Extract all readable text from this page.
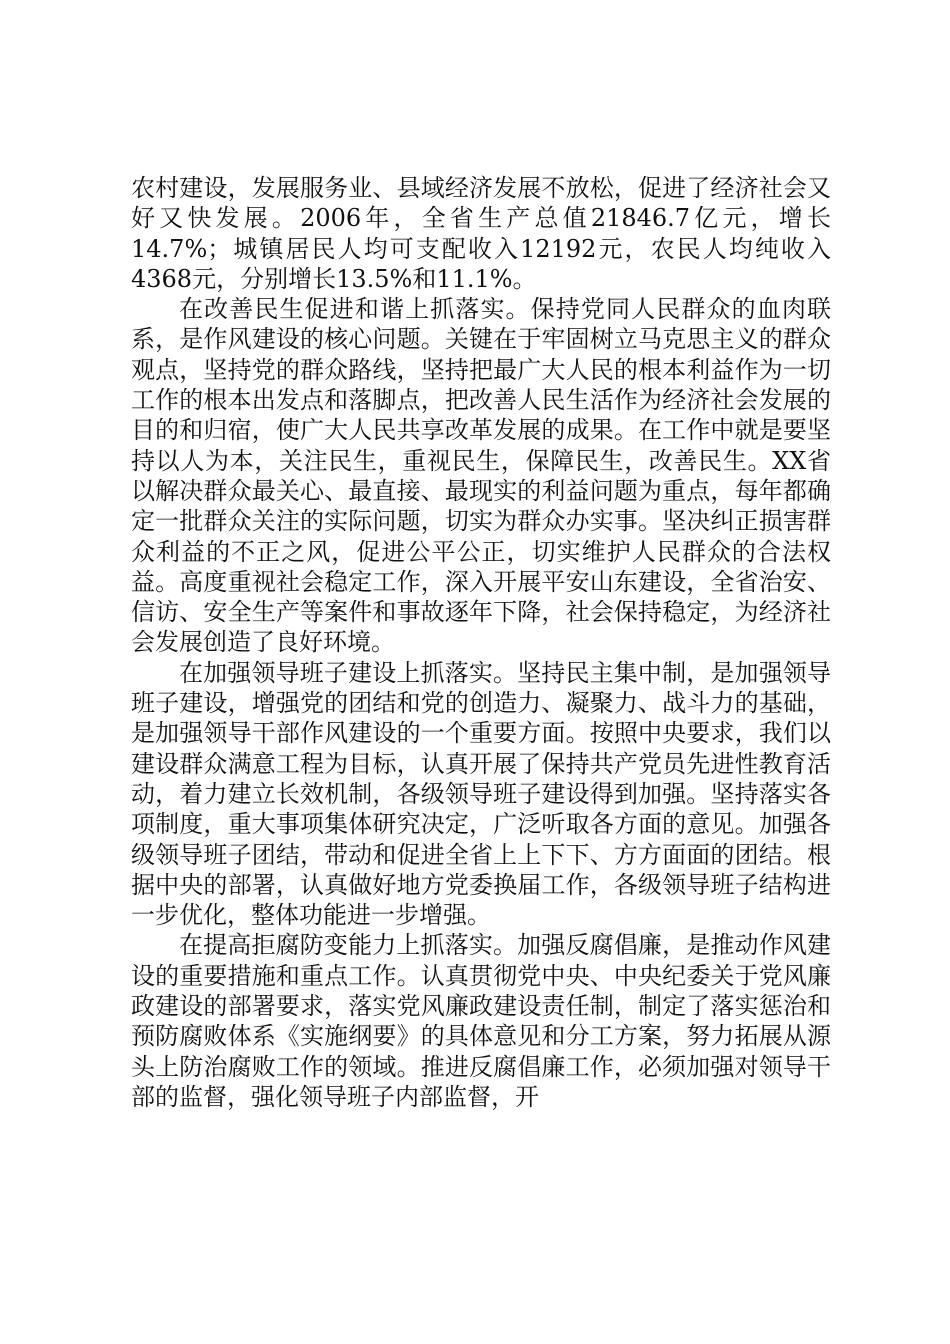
农村建设，发展服务业、县域经济发展不放松，促进了经济社会又好又快发展。2006年，全省生产总值21846.7亿元，增长14.7%；城镇居民人均可支配收入12192元，农民人均纯收入4368元，分别增长13.5%和11.1%。

在改善民生促进和谐上抓落实。保持党同人民群众的血肉联系，是作风建设的核心问题。关键在于牢固树立马克思主义的群众观点，坚持党的群众路线，坚持把最广大人民的根本利益作为一切工作的根本出发点和落脚点，把改善人民生活作为经济社会发展的目的和归宿，使广大人民共享改革发展的成果。在工作中就是要坚持以人为本，关注民生，重视民生，保障民生，改善民生。XX省以解决群众最关心、最直接、最现实的利益问题为重点，每年都确定一批群众关注的实际问题，切实为群众办实事。坚决纠正损害群众利益的不正之风，促进公平公正，切实维护人民群众的合法权益。高度重视社会稳定工作，深入开展平安山东建设，全省治安、信访、安全生产等案件和事故逐年下降，社会保持稳定，为经济社会发展创造了良好环境。

在加强领导班子建设上抓落实。坚持民主集中制，是加强领导班子建设，增强党的团结和党的创造力、凝聚力、战斗力的基础，是加强领导干部作风建设的一个重要方面。按照中央要求，我们以建设群众满意工程为目标，认真开展了保持共产党员先进性教育活动，着力建立长效机制，各级领导班子建设得到加强。坚持落实各项制度，重大事项集体研究决定，广泛听取各方面的意见。加强各级领导班子团结，带动和促进全省上上下下、方方面面的团结。根据中央的部署，认真做好地方党委换届工作，各级领导班子结构进一步优化，整体功能进一步增强。

在提高拒腐防变能力上抓落实。加强反腐倡廉，是推动作风建设的重要措施和重点工作。认真贯彻党中央、中央纪委关于党风廉政建设的部署要求，落实党风廉政建设责任制，制定了落实惩治和预防腐败体系《实施纲要》的具体意见和分工方案，努力拓展从源头上防治腐败工作的领域。推进反腐倡廉工作，必须加强对领导干部的监督，强化领导班子内部监督，开
